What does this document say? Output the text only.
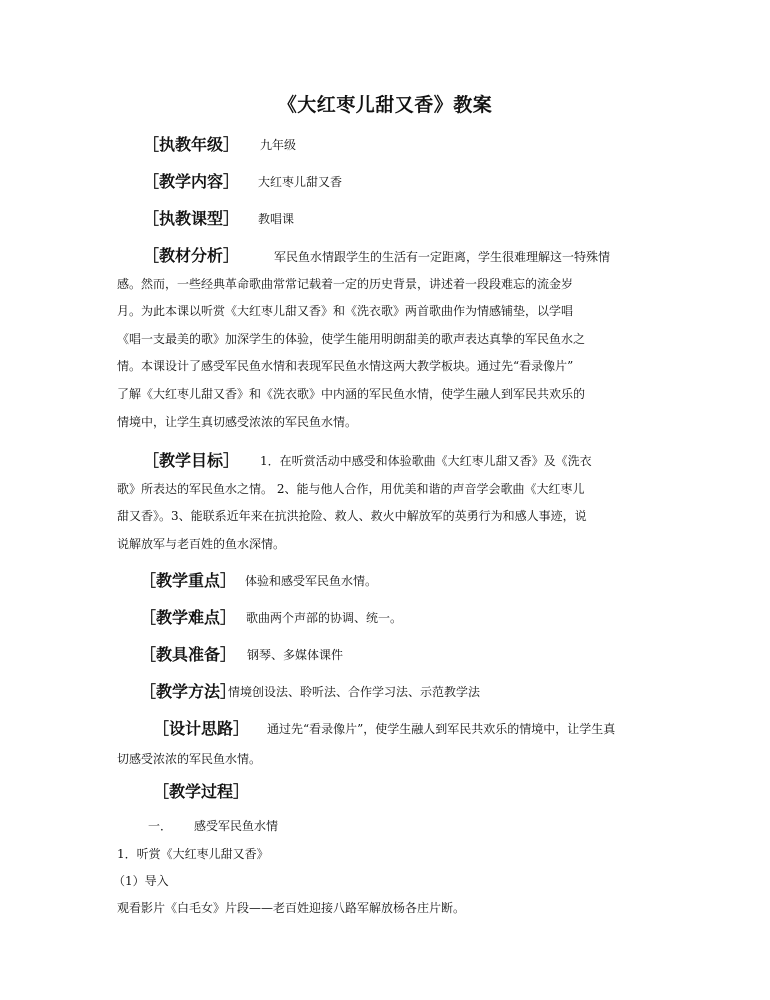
《大红枣儿甜又香》教案
［执教年级］ 九年级
［教学内容］ 大红枣儿甜又香
［执教课型］ 教唱课
［教材分析］	军民鱼水情跟学生的生活有一定距离，学生很难理解这一特殊情
感。然而，一些经典革命歌曲常常记载着一定的历史背景，讲述着一段段难忘的流金岁
月。为此本课以听赏《大红枣儿甜又香》和《洗衣歌》两首歌曲作为情感铺垫，以学唱
《唱一支最美的歌》加深学生的体验，使学生能用明朗甜美的歌声表达真挚的军民鱼水之
情。本课设计了感受军民鱼水情和表现军民鱼水情这两大教学板块。通过先“看录像片”
了解《大红枣儿甜又香》和《洗衣歌》中内涵的军民鱼水情，使学生融人到军民共欢乐的
情境中，让学生真切感受浓浓的军民鱼水情。
［教学目标］ 1．在听赏活动中感受和体验歌曲《大红枣儿甜又香》及《洗衣
歌》所表达的军民鱼水之情。 2、能与他人合作，用优美和谐的声音学会歌曲《大红枣儿
甜又香》。3、能联系近年来在抗洪抢险、救人、救火中解放军的英勇行为和感人事迹，说
说解放军与老百姓的鱼水深情。
［教学重点］ 体验和感受军民鱼水情。
［教学难点］ 歌曲两个声部的协调、统一。
［教具准备］ 钢琴、多媒体课件
［教学方法］
情境创设法、聆听法、合作学习法、示范教学法
［设计思路］ 通过先“看录像片”，使学生融人到军民共欢乐的情境中，让学生真
切感受浓浓的军民鱼水情。
［教学过程］
一． 感受军民鱼水情
1．听赏《大红枣儿甜又香》
（1）导入
观看影片《白毛女》片段——老百姓迎接八路军解放杨各庄片断。
